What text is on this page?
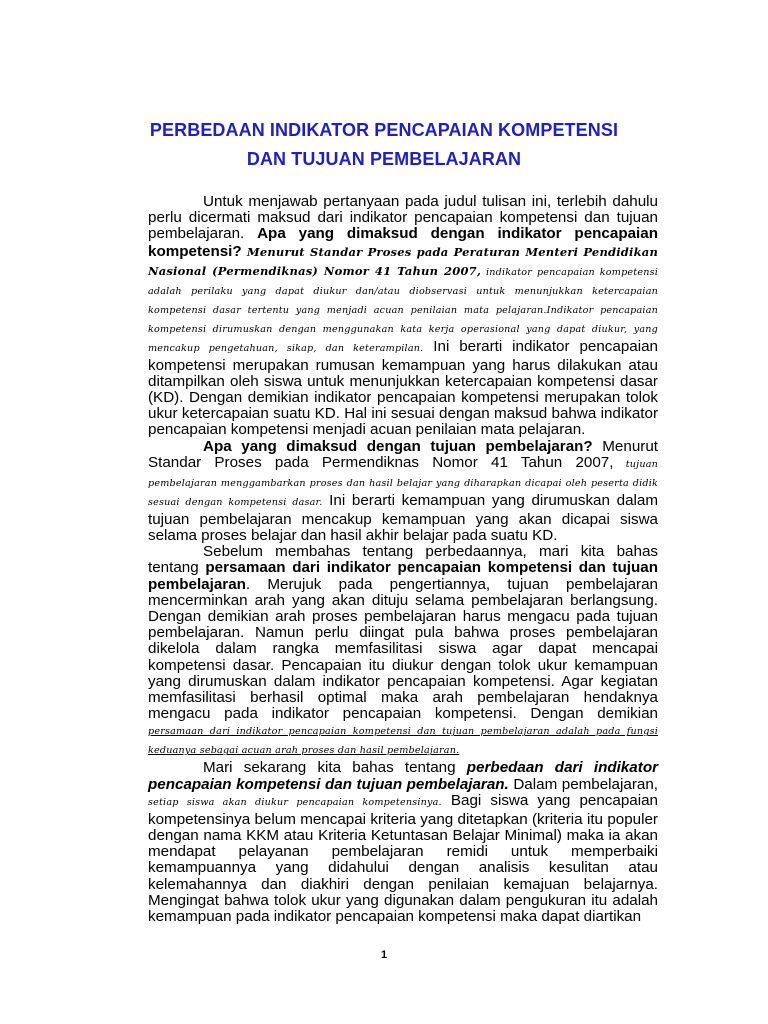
PERBEDAAN INDIKATOR PENCAPAIAN KOMPETENSI
DAN TUJUAN PEMBELAJARAN

Untuk menjawab pertanyaan pada judul tulisan ini, terlebih dahulu perlu dicermati maksud dari indikator pencapaian kompetensi dan tujuan pembelajaran. Apa yang dimaksud dengan indikator pencapaian kompetensi? Menurut Standar Proses pada Peraturan Menteri Pendidikan Nasional (Permendiknas) Nomor 41 Tahun 2007, indikator pencapaian kompetensi adalah perilaku yang dapat diukur dan/atau diobservasi untuk menunjukkan ketercapaian kompetensi dasar tertentu yang menjadi acuan penilaian mata pelajaran.Indikator pencapaian kompetensi dirumuskan dengan menggunakan kata kerja operasional yang dapat diukur, yang mencakup pengetahuan, sikap, dan keterampilan. Ini berarti indikator pencapaian kompetensi merupakan rumusan kemampuan yang harus dilakukan atau ditampilkan oleh siswa untuk menunjukkan ketercapaian kompetensi dasar (KD). Dengan demikian indikator pencapaian kompetensi merupakan tolok ukur ketercapaian suatu KD. Hal ini sesuai dengan maksud bahwa indikator pencapaian kompetensi menjadi acuan penilaian mata pelajaran.

Apa yang dimaksud dengan tujuan pembelajaran? Menurut Standar Proses pada Permendiknas Nomor 41 Tahun 2007, tujuan pembelajaran menggambarkan proses dan hasil belajar yang diharapkan dicapai oleh peserta didik sesuai dengan kompetensi dasar. Ini berarti kemampuan yang dirumuskan dalam tujuan pembelajaran mencakup kemampuan yang akan dicapai siswa selama proses belajar dan hasil akhir belajar pada suatu KD.

Sebelum membahas tentang perbedaannya, mari kita bahas tentang persamaan dari indikator pencapaian kompetensi dan tujuan pembelajaran. Merujuk pada pengertiannya, tujuan pembelajaran mencerminkan arah yang akan dituju selama pembelajaran berlangsung. Dengan demikian arah proses pembelajaran harus mengacu pada tujuan pembelajaran. Namun perlu diingat pula bahwa proses pembelajaran dikelola dalam rangka memfasilitasi siswa agar dapat mencapai kompetensi dasar. Pencapaian itu diukur dengan tolok ukur kemampuan yang dirumuskan dalam indikator pencapaian kompetensi. Agar kegiatan memfasilitasi berhasil optimal maka arah pembelajaran hendaknya mengacu pada indikator pencapaian kompetensi. Dengan demikian persamaan dari indikator pencapaian kompetensi dan tujuan pembelajaran adalah pada fungsi keduanya sebagai acuan arah proses dan hasil pembelajaran.

Mari sekarang kita bahas tentang perbedaan dari indikator pencapaian kompetensi dan tujuan pembelajaran. Dalam pembelajaran, setiap siswa akan diukur pencapaian kompetensinya. Bagi siswa yang pencapaian kompetensinya belum mencapai kriteria yang ditetapkan (kriteria itu populer dengan nama KKM atau Kriteria Ketuntasan Belajar Minimal) maka ia akan mendapat pelayanan pembelajaran remidi untuk memperbaiki kemampuannya yang didahului dengan analisis kesulitan atau kelemahannya dan diakhiri dengan penilaian kemajuan belajarnya. Mengingat bahwa tolok ukur yang digunakan dalam pengukuran itu adalah kemampuan pada indikator pencapaian kompetensi maka dapat diartikan

1
